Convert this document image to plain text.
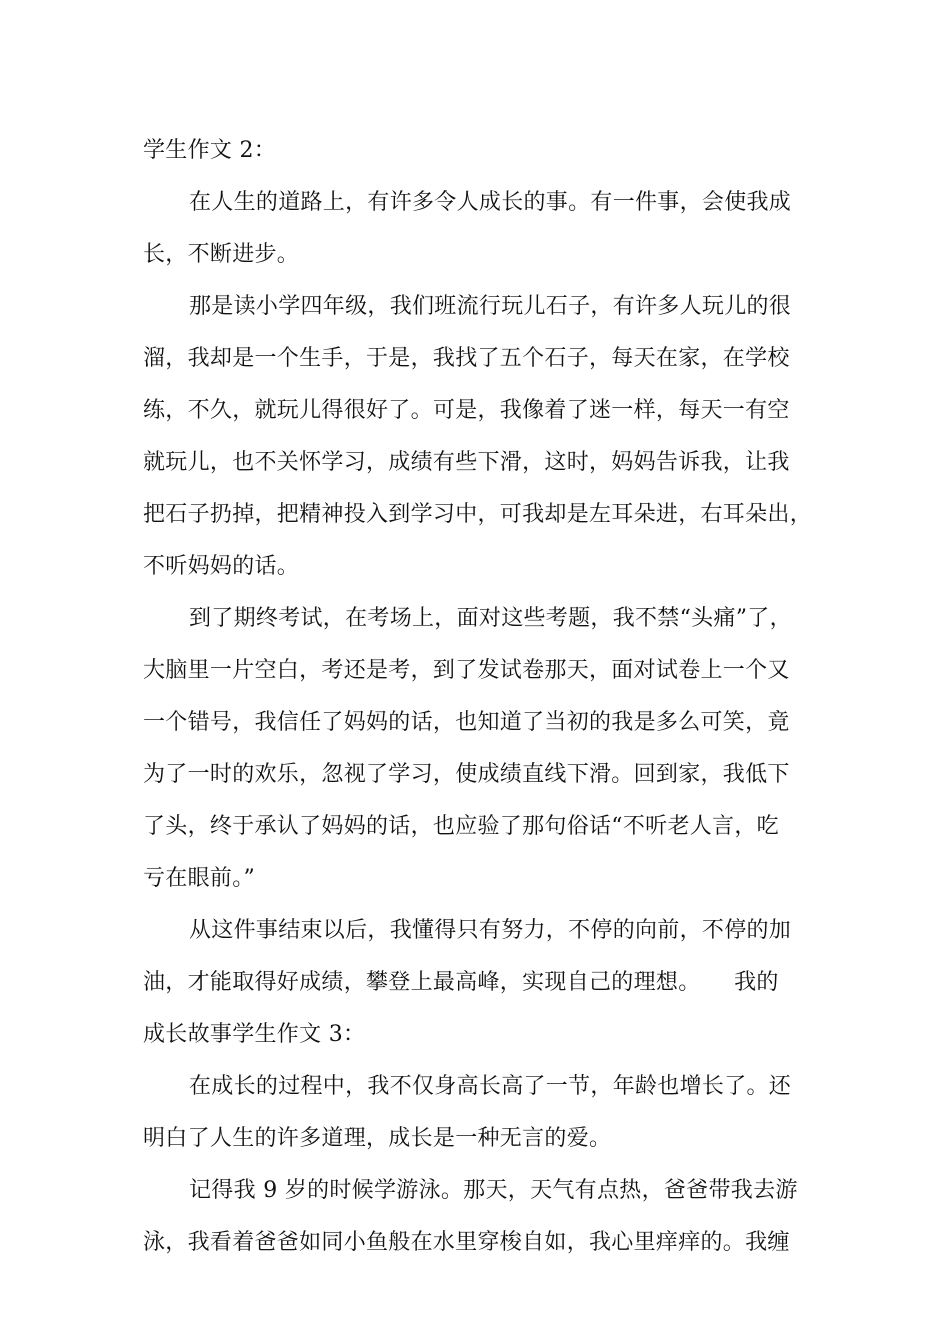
学生作文 2：
在人生的道路上，有许多令人成长的事。有一件事，会使我成
长，不断进步。
那是读小学四年级，我们班流行玩儿石子，有许多人玩儿的很
溜，我却是一个生手，于是，我找了五个石子，每天在家，在学校
练，不久，就玩儿得很好了。可是，我像着了迷一样，每天一有空
就玩儿，也不关怀学习，成绩有些下滑，这时，妈妈告诉我，让我
把石子扔掉，把精神投入到学习中，可我却是左耳朵进，右耳朵出，
不听妈妈的话。
到了期终考试，在考场上，面对这些考题，我不禁“头痛”了，
大脑里一片空白，考还是考，到了发试卷那天，面对试卷上一个又
一个错号，我信任了妈妈的话，也知道了当初的我是多么可笑，竟
为了一时的欢乐，忽视了学习，使成绩直线下滑。回到家，我低下
了头，终于承认了妈妈的话，也应验了那句俗话“不听老人言，吃
亏在眼前。”
从这件事结束以后，我懂得只有努力，不停的向前，不停的加
油，才能取得好成绩，攀登上最高峰，实现自己的理想。　　我的
成长故事学生作文 3：
在成长的过程中，我不仅身高长高了一节，年龄也增长了。还
明白了人生的许多道理，成长是一种无言的爱。
记得我 9 岁的时候学游泳。那天，天气有点热，爸爸带我去游
泳，我看着爸爸如同小鱼般在水里穿梭自如，我心里痒痒的。我缠
